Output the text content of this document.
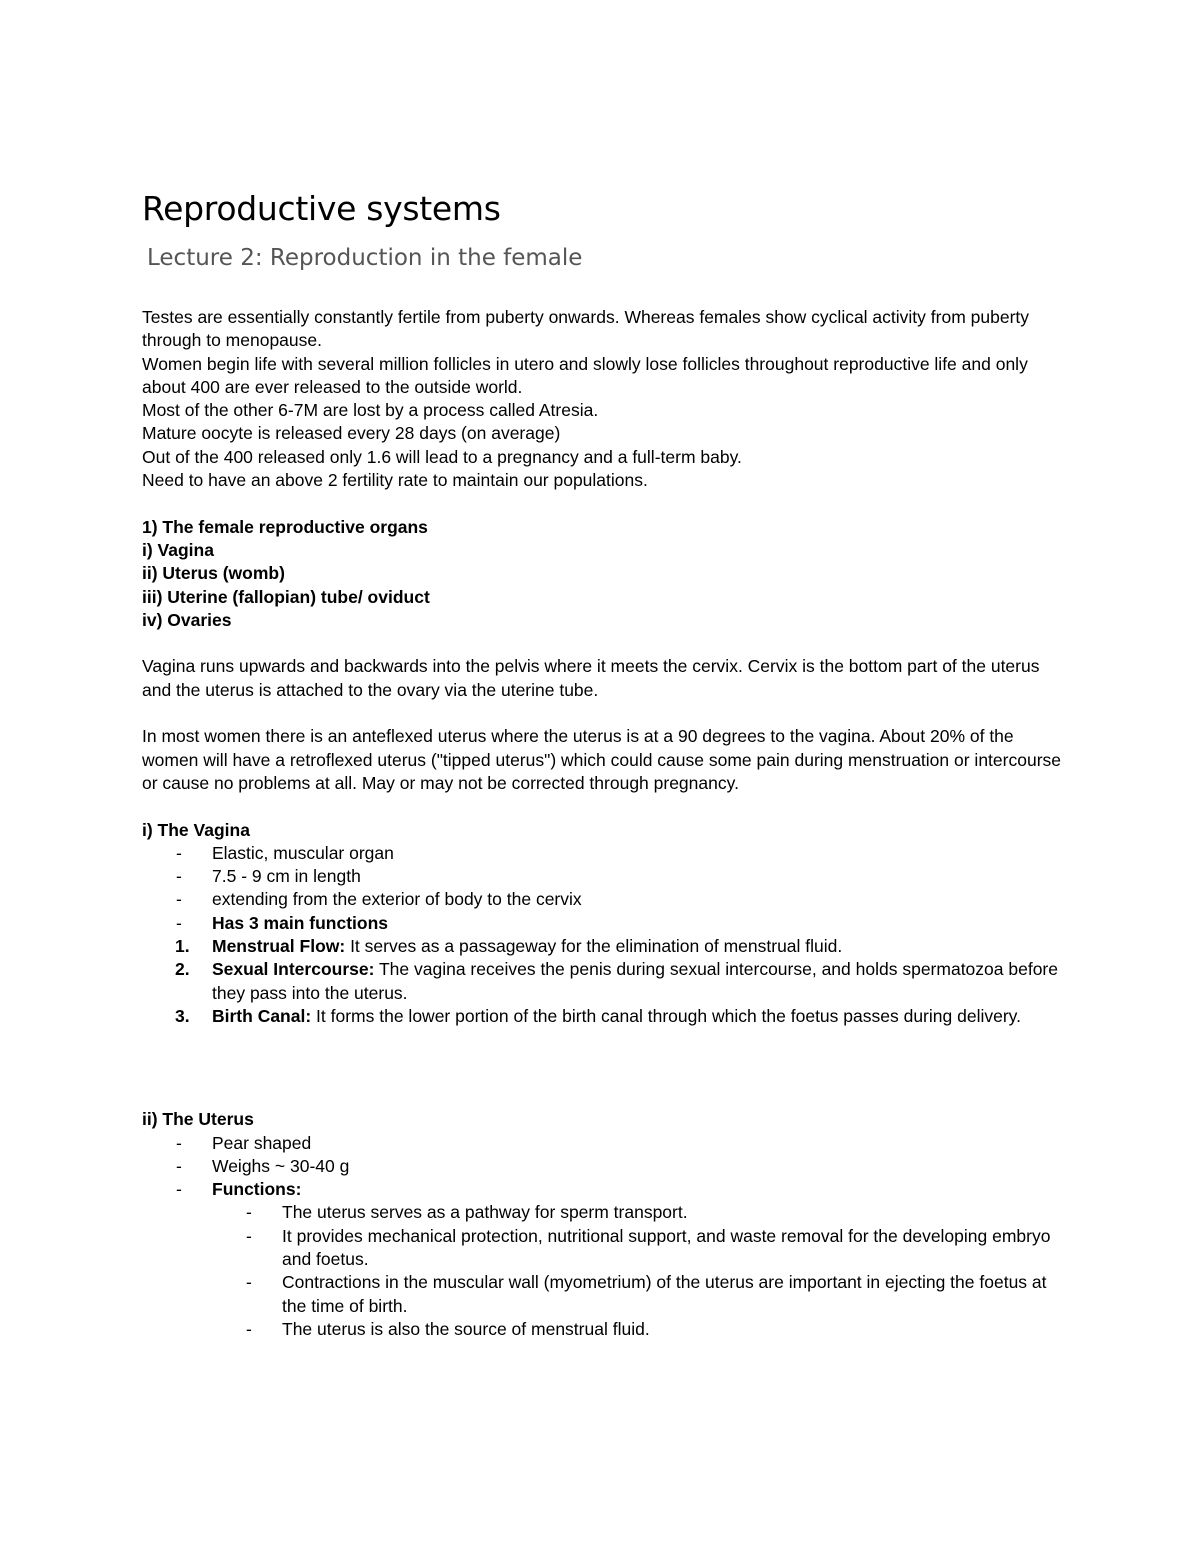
Reproductive systems
Lecture 2: Reproduction in the female

Testes are essentially constantly fertile from puberty onwards. Whereas females show cyclical activity from puberty through to menopause.

Women begin life with several million follicles in utero and slowly lose follicles throughout reproductive life and only about 400 are ever released to the outside world.

Most of the other 6-7M are lost by a process called Atresia.

Mature oocyte is released every 28 days (on average)

Out of the 400 released only 1.6 will lead to a pregnancy and a full-term baby.

Need to have an above 2 fertility rate to maintain our populations.

1) The female reproductive organs

i) Vagina

ii) Uterus (womb)

iii) Uterine (fallopian) tube/ oviduct

iv) Ovaries

Vagina runs upwards and backwards into the pelvis where it meets the cervix. Cervix is the bottom part of the uterus and the uterus is attached to the ovary via the uterine tube.

In most women there is an anteflexed uterus where the uterus is at a 90 degrees to the vagina. About 20% of the women will have a retroflexed uterus ("tipped uterus") which could cause some pain during menstruation or intercourse or cause no problems at all. May or may not be corrected through pregnancy.

i) The Vagina

- Elastic, muscular organ
- 7.5 - 9 cm in length
- extending from the exterior of body to the cervix
- Has 3 main functions
1. Menstrual Flow: It serves as a passageway for the elimination of menstrual fluid.
2. Sexual Intercourse: The vagina receives the penis during sexual intercourse, and holds spermatozoa before they pass into the uterus.
3. Birth Canal: It forms the lower portion of the birth canal through which the foetus passes during delivery.

ii) The Uterus

- Pear shaped
- Weighs ~ 30-40 g
- Functions:
- The uterus serves as a pathway for sperm transport.
- It provides mechanical protection, nutritional support, and waste removal for the developing embryo and foetus.
- Contractions in the muscular wall (myometrium) of the uterus are important in ejecting the foetus at the time of birth.
- The uterus is also the source of menstrual fluid.
